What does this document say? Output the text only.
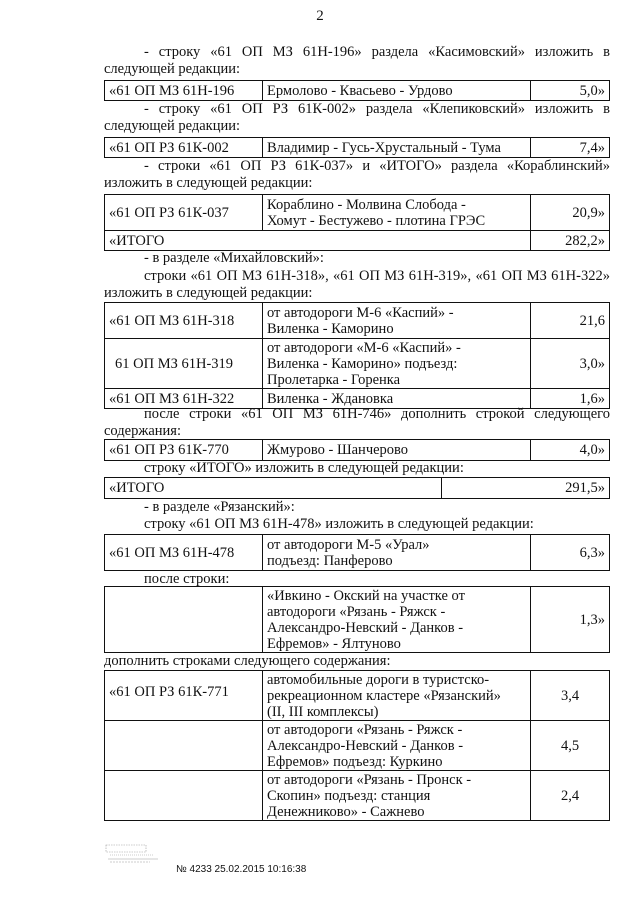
2
- строку «61 ОП МЗ 61Н-196» раздела «Касимовский» изложить в
следующей редакции:
«61 ОП МЗ 61Н-196	Ермолово - Квасьево - Урдово	5,0»
- строку «61 ОП РЗ 61К-002» раздела «Клепиковский» изложить в
следующей редакции:
«61 ОП РЗ 61К-002	Владимир - Гусь-Хрустальный - Тума	7,4»
- строки «61 ОП РЗ 61К-037» и «ИТОГО» раздела «Кораблинский»
изложить в следующей редакции:
«61 ОП РЗ 61К-037	Кораблино - Молвина Слобода -
Хомут - Бестужево - плотина ГРЭС	20,9»
«ИТОГО		282,2»
- в разделе «Михайловский»:
строки «61 ОП МЗ 61Н-318», «61 ОП МЗ 61Н-319», «61 ОП МЗ 61Н-322»
изложить в следующей редакции:
«61 ОП МЗ 61Н-318	от автодороги М-6 «Каспий» -
Виленка - Каморино	21,6
61 ОП МЗ 61Н-319	от автодороги «М-6 «Каспий» -
Виленка - Каморино» подъезд:
Пролетарка - Горенка	3,0»
«61 ОП МЗ 61Н-322	Виленка - Ждановка	1,6»
после строки «61 ОП МЗ 61Н-746» дополнить строкой следующего
содержания:
«61 ОП РЗ 61К-770	Жмурово - Шанчерово	4,0»
строку «ИТОГО» изложить в следующей редакции:
«ИТОГО	291,5»
- в разделе «Рязанский»:
строку «61 ОП МЗ 61Н-478» изложить в следующей редакции:
«61 ОП МЗ 61Н-478	от автодороги М-5 «Урал»
подъезд: Панферово	6,3»
после строки:
	«Ивкино - Окский на участке от
автодороги «Рязань - Ряжск -
Александро-Невский - Данков -
Ефремов» - Ялтуново	1,3»
дополнить строками следующего содержания:
«61 ОП РЗ 61К-771	автомобильные дороги в туристско-
рекреационном кластере «Рязанский»
(II, III комплексы)	3,4
	от автодороги «Рязань - Ряжск -
Александро-Невский - Данков -
Ефремов» подъезд: Куркино	4,5
	от автодороги «Рязань - Пронск -
Скопин» подъезд: станция
Денежниково» - Сажнево	2,4
№ 4233 25.02.2015 10:16:38
